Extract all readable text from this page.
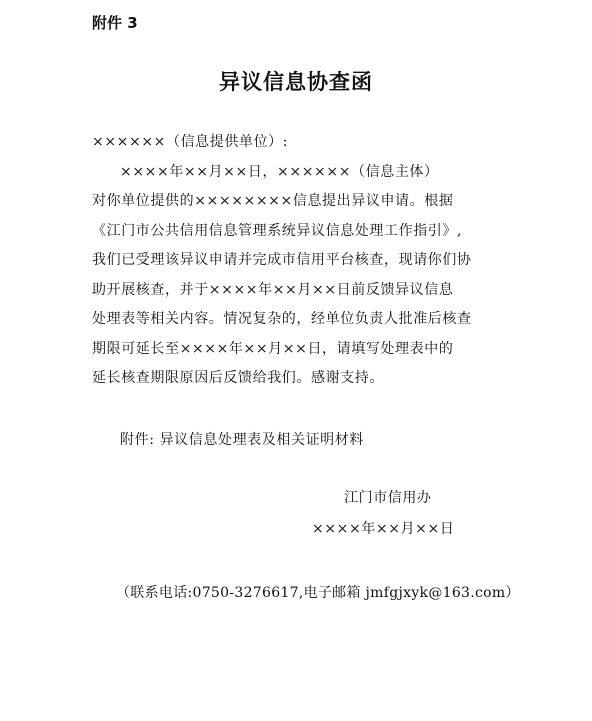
附件 3
异议信息协查函
××××××（信息提供单位）:
××××年××月××日，××××××（信息主体）
对你单位提供的××××××××信息提出异议申请。根据
《江门市公共信用信息管理系统异议信息处理工作指引》,
我们已受理该异议申请并完成市信用平台核查，现请你们协
助开展核查，并于××××年××月××日前反馈异议信息
处理表等相关内容。情况复杂的，经单位负责人批准后核查
期限可延长至××××年××月××日，请填写处理表中的
延长核查期限原因后反馈给我们。感谢支持。
附件: 异议信息处理表及相关证明材料
江门市信用办
××××年××月××日
（联系电话:0750-3276617,电子邮箱 jmfgjxyk@163.com）
